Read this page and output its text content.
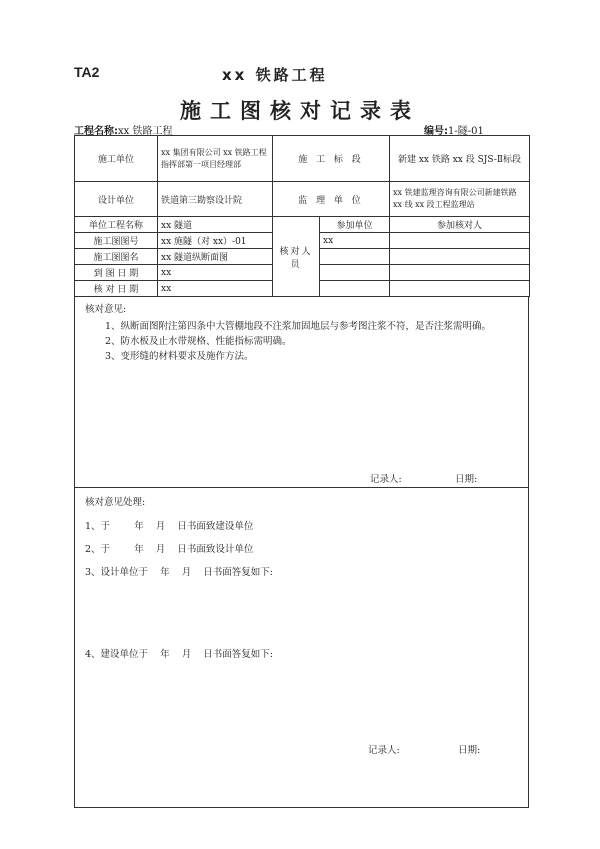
TA2	xx 铁路工程
施工图核对记录表
工程名称:xx 铁路工程	编号:1-隧-01
施工单位	xx 集团有限公司 xx 铁路工程指挥部第一项目经理部	施 工 标 段		新建 xx 铁路 xx 段 SJS-Ⅱ标段
设计单位	铁道第三勘察设计院	监 理 单 位		xx 铁建监理咨询有限公司新建铁路 xx 线 xx 段工程监理站
单位工程名称	xx 隧道	核对人员	参加单位	参加核对人
施工图图号	xx 施隧（对 xx）-01		xx	
施工图图名	xx 隧道纵断面图			
到 图 日 期	xx			
核 对 日 期	xx			
核对意见:
1、纵断面图附注第四条中大管棚地段不注浆加固地层与参考图注浆不符，是否注浆需明确。
2、防水板及止水带规格、性能指标需明确。
3、变形缝的材料要求及施作方法。
记录人:	日期:
核对意见处理:
1、于        年    月    日书面致建设单位
2、于        年    月    日书面致设计单位
3、设计单位于    年    月    日书面答复如下:
4、建设单位于    年    月    日书面答复如下:
记录人:	日期:
